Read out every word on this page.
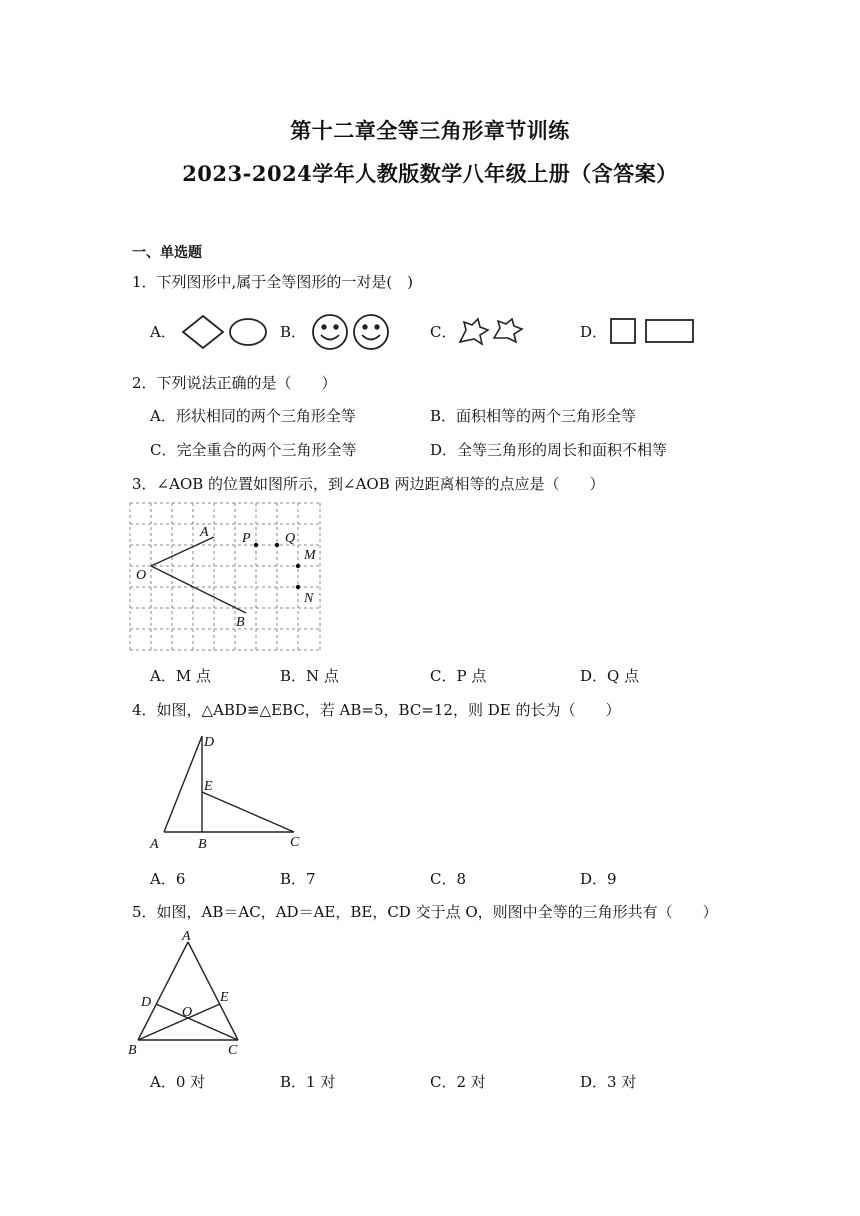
第十二章全等三角形章节训练
2023-2024学年人教版数学八年级上册（含答案）
一、单选题
1．下列图形中,属于全等图形的一对是(　)
A．	B．	C．	D．
2．下列说法正确的是（　　）
A．形状相同的两个三角形全等	B．面积相等的两个三角形全等
C．完全重合的两个三角形全等	D．全等三角形的周长和面积不相等
3．∠AOB 的位置如图所示，到∠AOB 两边距离相等的点应是（　　）
A
O
B
P Q
M
N
A．M 点	B．N 点	C．P 点	D．Q 点
4．如图，△ABD≌△EBC，若 AB=5，BC=12，则 DE 的长为（　　）
D
E
A	B	C
A．6	B．7	C．8	D．9
5．如图，AB＝AC，AD＝AE，BE，CD 交于点 O，则图中全等的三角形共有（　　）
A
D	E
O
B	C
A．0 对	B．1 对	C．2 对	D．3 对
